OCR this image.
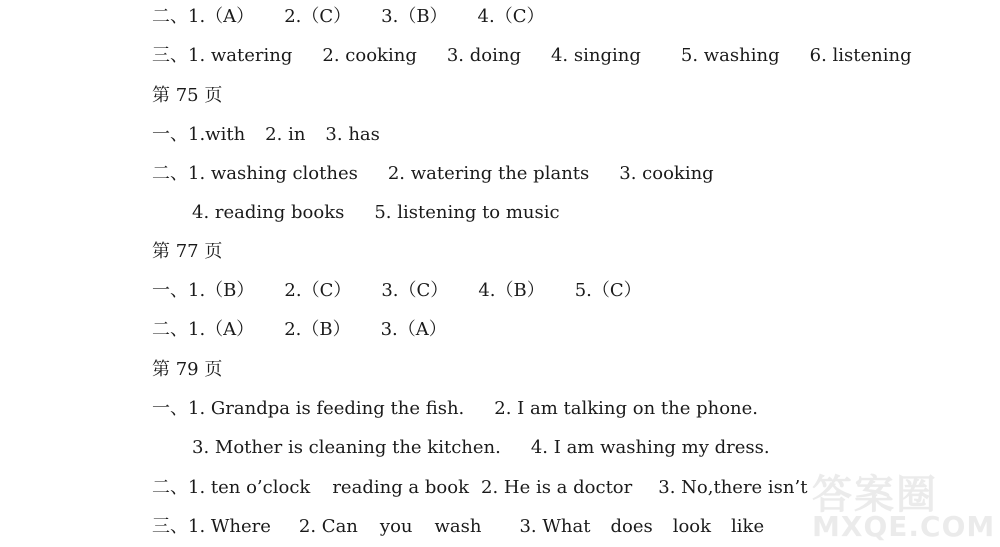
二、 1.（A） 2.（C） 3.（B） 4.（C）
三、 1. watering 2. cooking 3. doing 4. singing 5. washing 6. listening
第 75 页
一、 1.with 2. in 3. has
二、 1. washing clothes 2. watering the plants 3. cooking
4. reading books 5. listening to music
第 77 页
一、 1.（B） 2.（C） 3.（C） 4.（B） 5.（C）
二、 1.（A） 2.（B） 3.（A）
第 79 页
一、 1. Grandpa is feeding the fish. 2. I am talking on the phone.
3. Mother is cleaning the kitchen. 4. I am washing my dress.
二、 1. ten o’clock reading a book 2. He is a doctor 3. No,there isn’t
三、 1. Where 2. Can you wash 3. What does look like
答案圈
MXQE.COM
